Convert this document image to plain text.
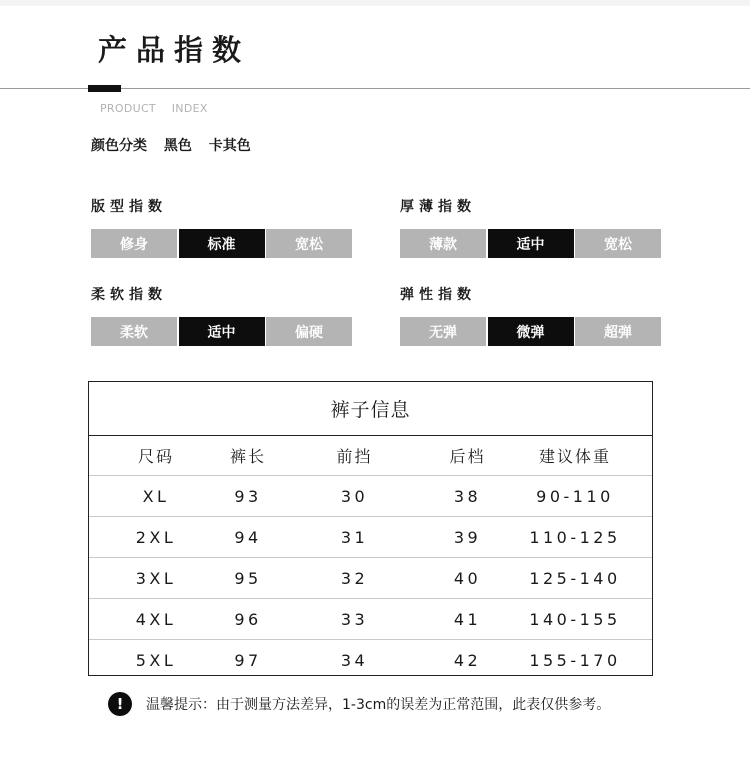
产品指数
PRODUCT INDEX
颜色分类 黑色 卡其色
版型指数
修身	标准	宽松
厚薄指数
薄款	适中	宽松
柔软指数
柔软	适中	偏硬
弹性指数
无弹	微弹	超弹
裤子信息
尺码	裤长	前挡	后档	建议体重
XL	93	30	38	90-110
2XL	94	31	39	110-125
3XL	95	32	40	125-140
4XL	96	33	41	140-155
5XL	97	34	42	155-170
!	温馨提示：由于测量方法差异，1-3cm的误差为正常范围，此表仅供参考。
